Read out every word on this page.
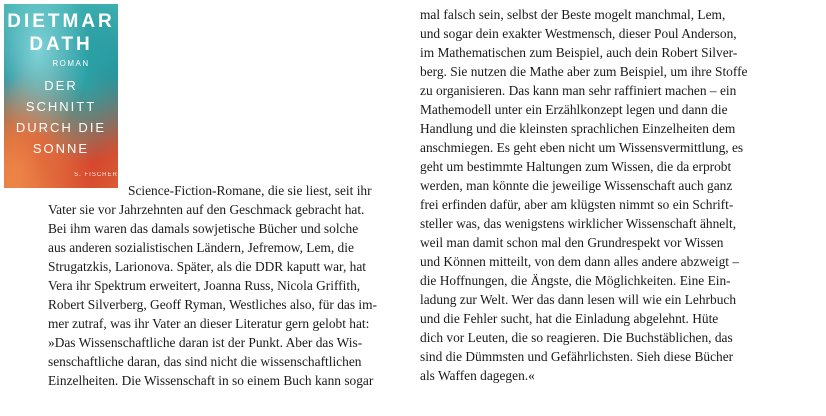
DIETMAR
DATH
ROMAN
DER
SCHNITT
DURCH DIE
SONNE
S. FISCHER
Science-Fiction-Romane, die sie liest, seit ihr
Vater sie vor Jahrzehnten auf den Geschmack gebracht hat.
Bei ihm waren das damals sowjetische Bücher und solche
aus anderen sozialistischen Ländern, Jefremow, Lem, die
Strugatzkis, Larionova. Später, als die DDR kaputt war, hat
Vera ihr Spektrum erweitert, Joanna Russ, Nicola Griffith,
Robert Silverberg, Geoff Ryman, Westliches also, für das im-
mer zutraf, was ihr Vater an dieser Literatur gern gelobt hat:
»Das Wissenschaftliche daran ist der Punkt. Aber das Wis-
senschaftliche daran, das sind nicht die wissenschaftlichen
Einzelheiten. Die Wissenschaft in so einem Buch kann sogar
mal falsch sein, selbst der Beste mogelt manchmal, Lem,
und sogar dein exakter Westmensch, dieser Poul Anderson,
im Mathematischen zum Beispiel, auch dein Robert Silver-
berg. Sie nutzen die Mathe aber zum Beispiel, um ihre Stoffe
zu organisieren. Das kann man sehr raffiniert machen – ein
Mathemodell unter ein Erzählkonzept legen und dann die
Handlung und die kleinsten sprachlichen Einzelheiten dem
anschmiegen. Es geht eben nicht um Wissensvermittlung, es
geht um bestimmte Haltungen zum Wissen, die da erprobt
werden, man könnte die jeweilige Wissenschaft auch ganz
frei erfinden dafür, aber am klügsten nimmt so ein Schrift-
steller was, das wenigstens wirklicher Wissenschaft ähnelt,
weil man damit schon mal den Grundrespekt vor Wissen
und Können mitteilt, von dem dann alles andere abzweigt –
die Hoffnungen, die Ängste, die Möglichkeiten. Eine Ein-
ladung zur Welt. Wer das dann lesen will wie ein Lehrbuch
und die Fehler sucht, hat die Einladung abgelehnt. Hüte
dich vor Leuten, die so reagieren. Die Buchstäblichen, das
sind die Dümmsten und Gefährlichsten. Sieh diese Bücher
als Waffen dagegen.«
